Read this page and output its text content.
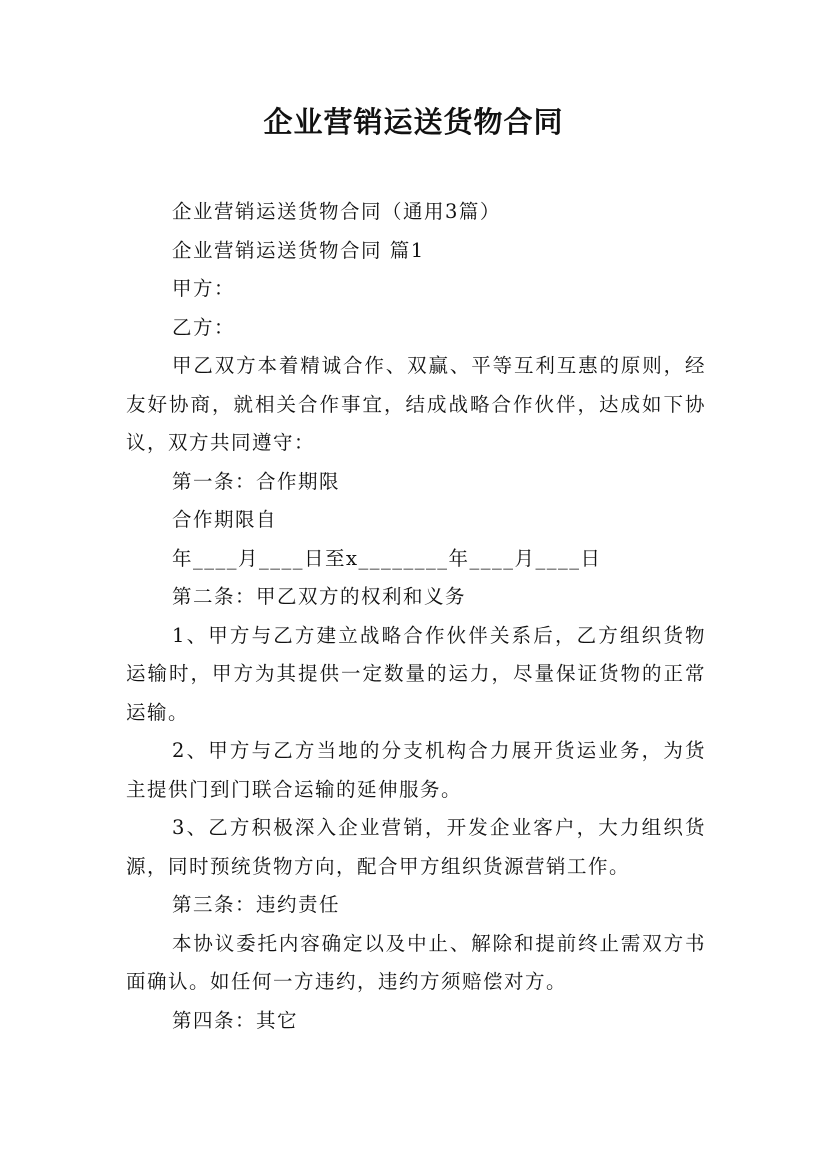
企业营销运送货物合同

企业营销运送货物合同（通用3篇）

企业营销运送货物合同 篇1

甲方：

乙方：

甲乙双方本着精诚合作、双赢、平等互利互惠的原则，经友好协商，就相关合作事宜，结成战略合作伙伴，达成如下协议，双方共同遵守：

第一条：合作期限

合作期限自

年____月____日至x________年____月____日

第二条：甲乙双方的权利和义务

1、甲方与乙方建立战略合作伙伴关系后，乙方组织货物运输时，甲方为其提供一定数量的运力，尽量保证货物的正常运输。

2、甲方与乙方当地的分支机构合力展开货运业务，为货主提供门到门联合运输的延伸服务。

3、乙方积极深入企业营销，开发企业客户，大力组织货源，同时预统货物方向，配合甲方组织货源营销工作。

第三条：违约责任

本协议委托内容确定以及中止、解除和提前终止需双方书面确认。如任何一方违约，违约方须赔偿对方。

第四条：其它
